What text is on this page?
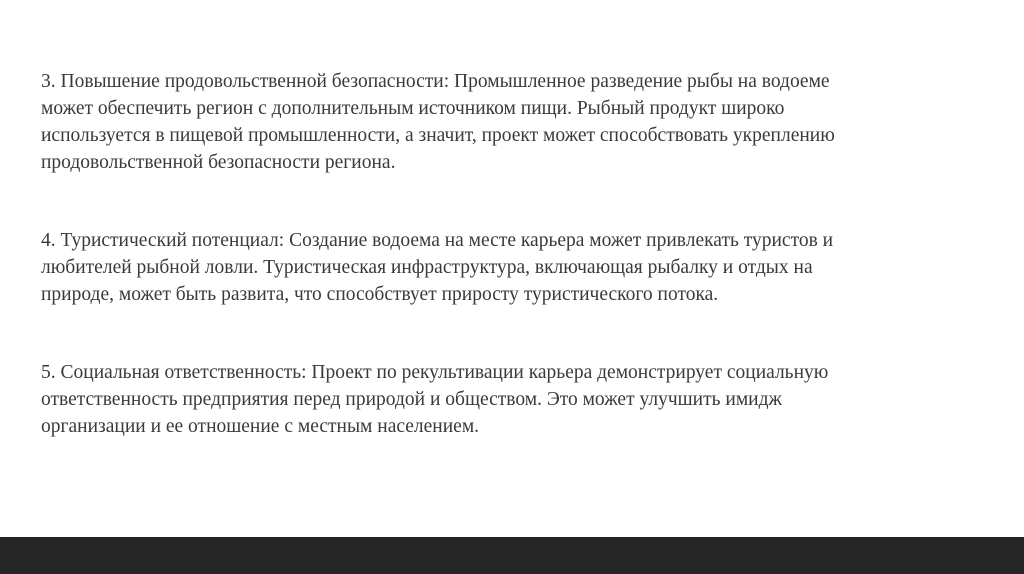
3. Повышение продовольственной безопасности: Промышленное разведение рыбы на водоеме
может обеспечить регион с дополнительным источником пищи. Рыбный продукт широко
используется в пищевой промышленности, а значит, проект может способствовать укреплению
продовольственной безопасности региона.

4. Туристический потенциал: Создание водоема на месте карьера может привлекать туристов и
любителей рыбной ловли. Туристическая инфраструктура, включающая рыбалку и отдых на
природе, может быть развита, что способствует приросту туристического потока.

5. Социальная ответственность: Проект по рекультивации карьера демонстрирует социальную
ответственность предприятия перед природой и обществом. Это может улучшить имидж
организации и ее отношение с местным населением.
